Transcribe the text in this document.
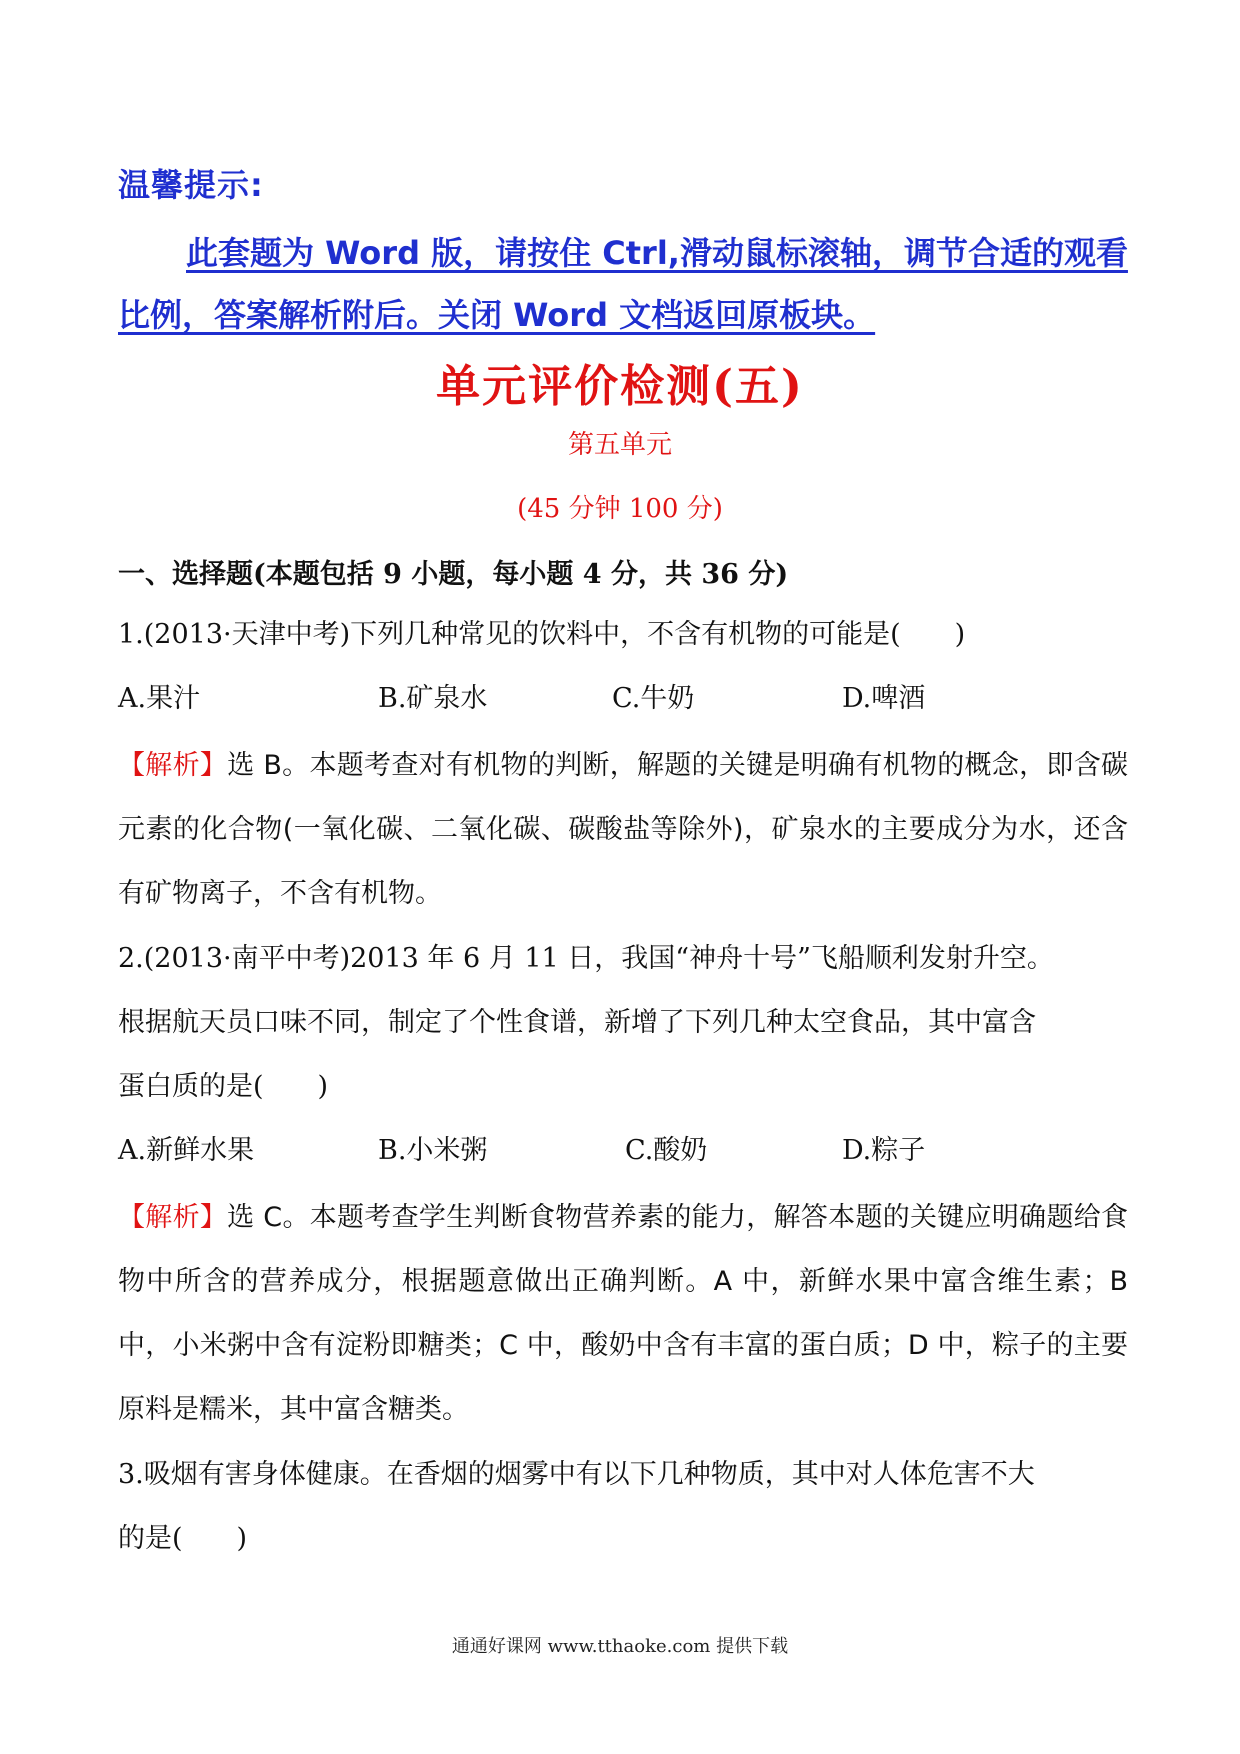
温馨提示:
此套题为 Word 版，请按住 Ctrl,滑动鼠标滚轴，调节合适的观看比例，答案解析附后。关闭 Word 文档返回原板块。
单元评价检测(五)
第五单元
(45 分钟 100 分)
一、选择题(本题包括 9 小题，每小题 4 分，共 36 分)
1.(2013·天津中考)下列几种常见的饮料中，不含有机物的可能是(　　)
A.果汁	B.矿泉水	C.牛奶	D.啤酒
【解析】选 B。本题考查对有机物的判断，解题的关键是明确有机物的概念，即含碳元素的化合物(一氧化碳、二氧化碳、碳酸盐等除外)，矿泉水的主要成分为水，还含有矿物离子，不含有机物。
2.(2013·南平中考)2013 年 6 月 11 日，我国“神舟十号”飞船顺利发射升空。
根据航天员口味不同，制定了个性食谱，新增了下列几种太空食品，其中富含
蛋白质的是(　　)
A.新鲜水果	B.小米粥	C.酸奶	D.粽子
【解析】选 C。本题考查学生判断食物营养素的能力，解答本题的关键应明确题给食物中所含的营养成分，根据题意做出正确判断。A 中，新鲜水果中富含维生素；B 中，小米粥中含有淀粉即糖类；C 中，酸奶中含有丰富的蛋白质；D 中，粽子的主要原料是糯米，其中富含糖类。
3.吸烟有害身体健康。在香烟的烟雾中有以下几种物质，其中对人体危害不大
的是(　　)
通通好课网 www.tthaoke.com 提供下载
